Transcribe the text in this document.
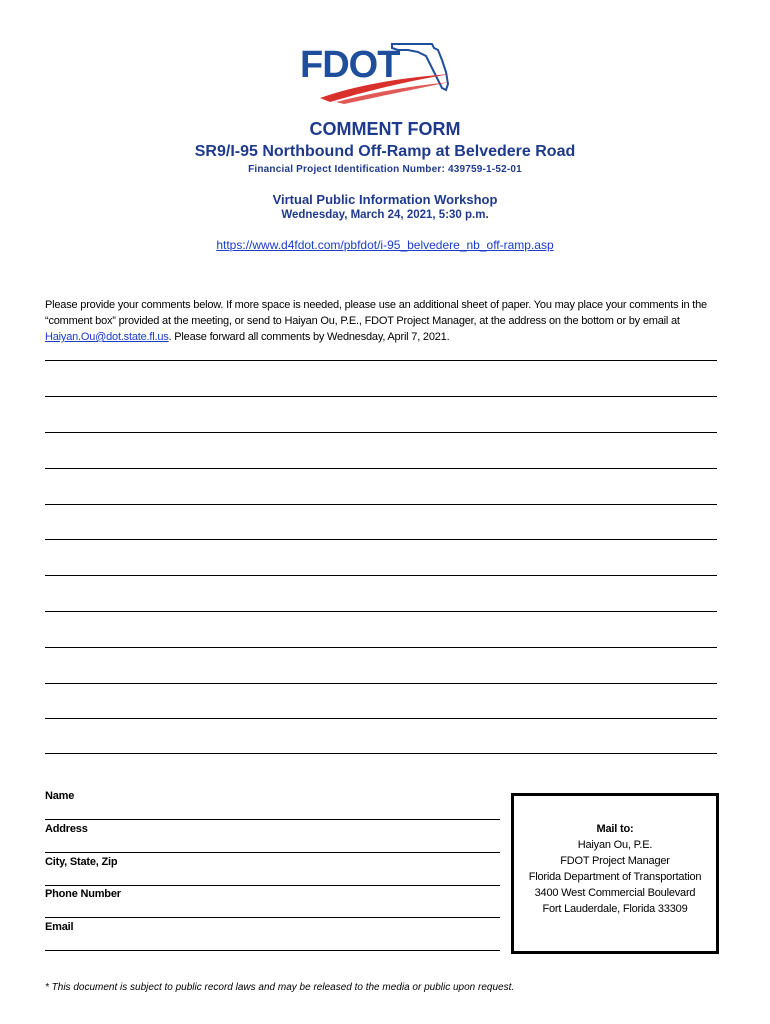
FDOT
COMMENT FORM
SR9/I-95 Northbound Off-Ramp at Belvedere Road
Financial Project Identification Number: 439759-1-52-01
Virtual Public Information Workshop
Wednesday, March 24, 2021, 5:30 p.m.
https://www.d4fdot.com/pbfdot/i-95_belvedere_nb_off-ramp.asp
Please provide your comments below. If more space is needed, please use an additional sheet of paper. You may place your comments in the “comment box” provided at the meeting, or send to Haiyan Ou, P.E., FDOT Project Manager, at the address on the bottom or by email at Haiyan.Ou@dot.state.fl.us. Please forward all comments by Wednesday, April 7, 2021.
Name
Address
City, State, Zip
Phone Number
Email
Mail to:
Haiyan Ou, P.E.
FDOT Project Manager
Florida Department of Transportation
3400 West Commercial Boulevard
Fort Lauderdale, Florida 33309
* This document is subject to public record laws and may be released to the media or public upon request.
